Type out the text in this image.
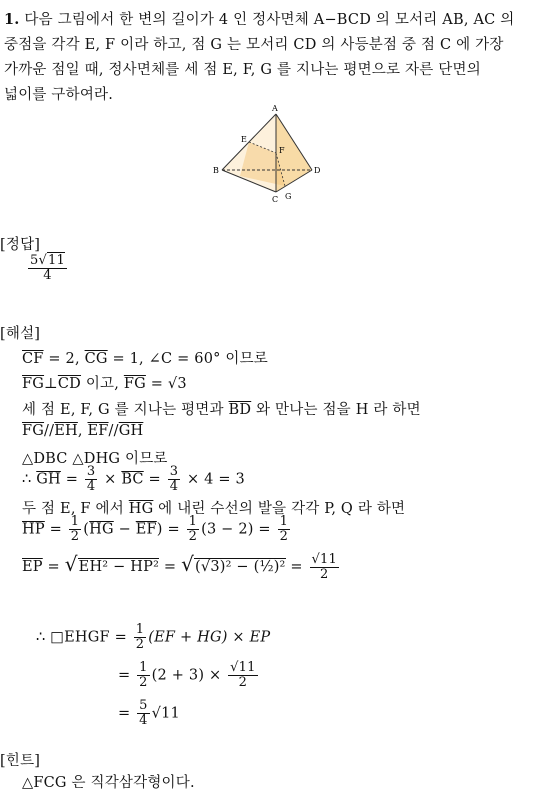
1. 다음 그림에서 한 변의 길이가 4 인 정사면체 A−BCD 의 모서리 AB, AC 의
중점을 각각 E, F 이라 하고, 점 G 는 모서리 CD 의 사등분점 중 점 C 에 가장
가까운 점일 때, 정사면체를 세 점 E, F, G 를 지나는 평면으로 자른 단면의
넓이를 구하여라.
A
B
C
D
E
F
G
[정답]
$\frac{5 √ 11}{4}$
[해설]
$\overline{CF} = 2$, $\overline{CG} = 1$, ∠C = 60° 이므로
$\overline{FG}\perp\overline{CD}$ 이고, $\overline{FG} = √3$
세 점 E, F, G 를 지나는 평면과 $\overline{BD}$ 와 만나는 점을 H 라 하면
$\overline{FG}//\overline{EH}$, $\overline{EF}//\overline{GH}$
△DBC △DHG 이므로
∴ $\overline{GH} = \frac{3}{4} \times \overline{BC} = \frac{3}{4} \times 4 = 3$
두 점 E, F 에서 $\overline{HG}$ 에 내린 수선의 발을 각각 P, Q 라 하면
$\overline{HP} = \frac{1}{2} (\overline{HG} - \overline{EF}) = \frac{1}{2} (3 - 2) = \frac{1}{2}$
$\overline{EP} = √EH^2 - HP^2 = √(√3)^2$ − (½)² = $\frac{√11}{2}$
∴ □EHGF = $\frac{1}{2} (EF + HG)$ × EP
= $\frac{1}{2} (2 + 3) \times \frac{√11}{2}$
= $\frac{5}{4} √11$
[힌트]
△FCG 은 직각삼각형이다.
